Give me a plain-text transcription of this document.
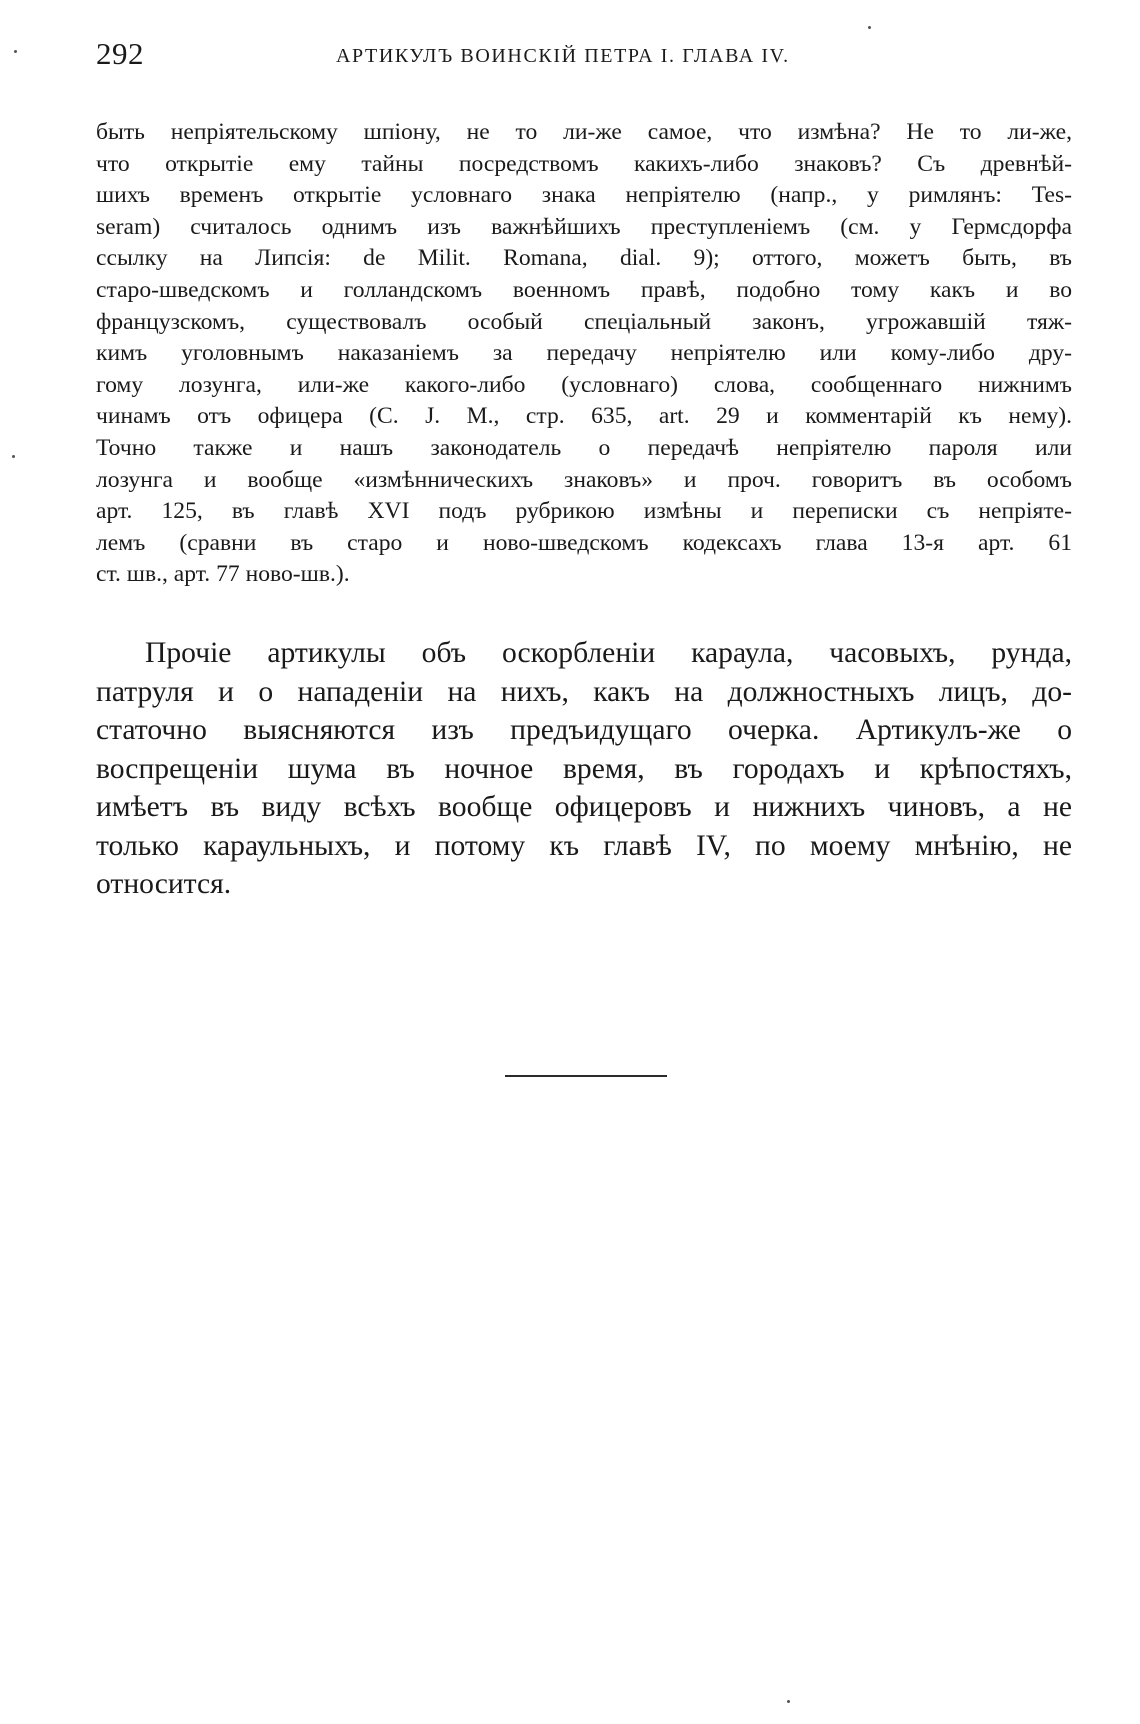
292	АРТИКУЛЪ ВОИНСКІЙ ПЕТРА І. ГЛАВА IV.

быть непріятельскому шпіону, не то ли-же самое, что измѣна? Не то ли-же,
что открытіе ему тайны посредствомъ какихъ-либо знаковъ? Съ древнѣй-
шихъ временъ открытіе условнаго знака непріятелю (напр., у римлянъ: Tes-
seram) считалось однимъ изъ важнѣйшихъ преступленіемъ (см. у Гермсдорфа
ссылку на Липсія: de Milit. Romana, dial. 9); оттого, можетъ быть, въ
старо-шведскомъ и голландскомъ военномъ правѣ, подобно тому какъ и во
французскомъ, существовалъ особый спеціальный законъ, угрожавшій тяж-
кимъ уголовнымъ наказаніемъ за передачу непріятелю или кому-либо дру-
гому лозунга, или-же какого-либо (условнаго) слова, сообщеннаго нижнимъ
чинамъ отъ офицера (С. J. M., стр. 635, art. 29 и комментарій къ нему).
Точно также и нашъ законодатель о передачѣ непріятелю пароля или
лозунга и вообще «измѣнническихъ знаковъ» и проч. говоритъ въ особомъ
арт. 125, въ главѣ XVI подъ рубрикою измѣны и переписки съ непріяте-
лемъ (сравни въ старо и ново-шведскомъ кодексахъ глава 13-я арт. 61
ст. шв., арт. 77 ново-шв.).

Прочіе артикулы объ оскорбленіи караула, часовыхъ, рунда,
патруля и о нападеніи на нихъ, какъ на должностныхъ лицъ, до-
статочно выясняются изъ предъидущаго очерка. Артикулъ-же о
воспрещеніи шума въ ночное время, въ городахъ и крѣпостяхъ,
имѣетъ въ виду всѣхъ вообще офицеровъ и нижнихъ чиновъ, а не
только караульныхъ, и потому къ главѣ IV, по моему мнѣнію, не
относится.
